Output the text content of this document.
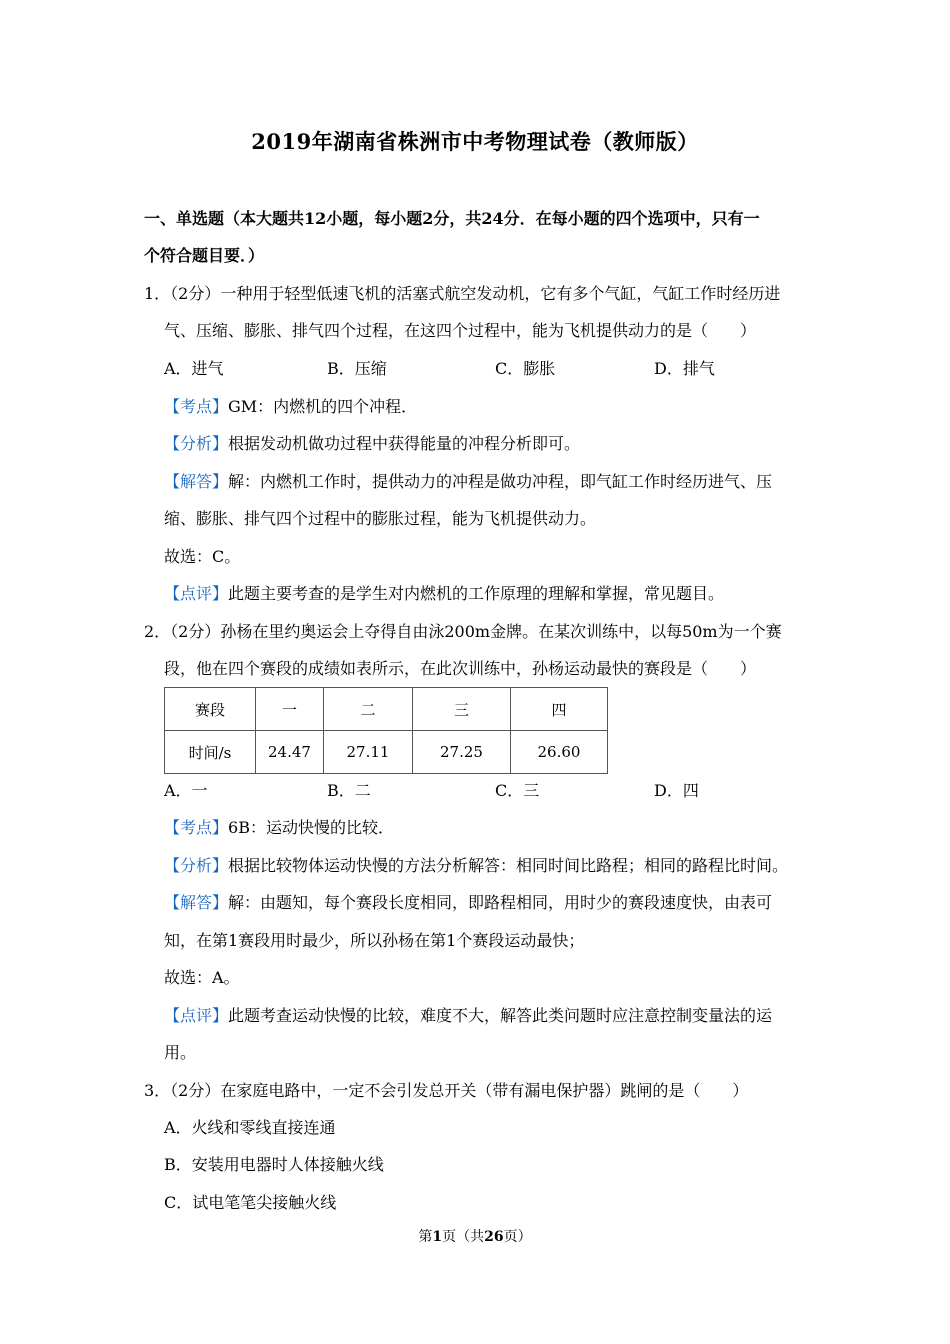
2019年湖南省株洲市中考物理试卷（教师版）
一、单选题（本大题共12小题，每小题2分，共24分．在每小题的四个选项中，只有一
个符合题目要．）
1．（2分）一种用于轻型低速飞机的活塞式航空发动机，它有多个气缸，气缸工作时经历进
气、压缩、膨胀、排气四个过程，在这四个过程中，能为飞机提供动力的是（　　）
A．进气	B．压缩	C．膨胀	D．排气
【考点】GM：内燃机的四个冲程．
【分析】根据发动机做功过程中获得能量的冲程分析即可。
【解答】解：内燃机工作时，提供动力的冲程是做功冲程，即气缸工作时经历进气、压
缩、膨胀、排气四个过程中的膨胀过程，能为飞机提供动力。
故选：C。
【点评】此题主要考查的是学生对内燃机的工作原理的理解和掌握，常见题目。
2．（2分）孙杨在里约奥运会上夺得自由泳200m金牌。在某次训练中，以每50m为一个赛
段，他在四个赛段的成绩如表所示，在此次训练中，孙杨运动最快的赛段是（　　）
赛段	一	二	三	四
时间/s	24.47	27.11	27.25	26.60
A．一	B．二	C．三	D．四
【考点】6B：运动快慢的比较．
【分析】根据比较物体运动快慢的方法分析解答：相同时间比路程；相同的路程比时间。
【解答】解：由题知，每个赛段长度相同，即路程相同，用时少的赛段速度快，由表可
知，在第1赛段用时最少，所以孙杨在第1个赛段运动最快；
故选：A。
【点评】此题考查运动快慢的比较，难度不大，解答此类问题时应注意控制变量法的运
用。
3．（2分）在家庭电路中，一定不会引发总开关（带有漏电保护器）跳闸的是（　　）
A．火线和零线直接连通
B．安装用电器时人体接触火线
C．试电笔笔尖接触火线
第1页（共26页）
